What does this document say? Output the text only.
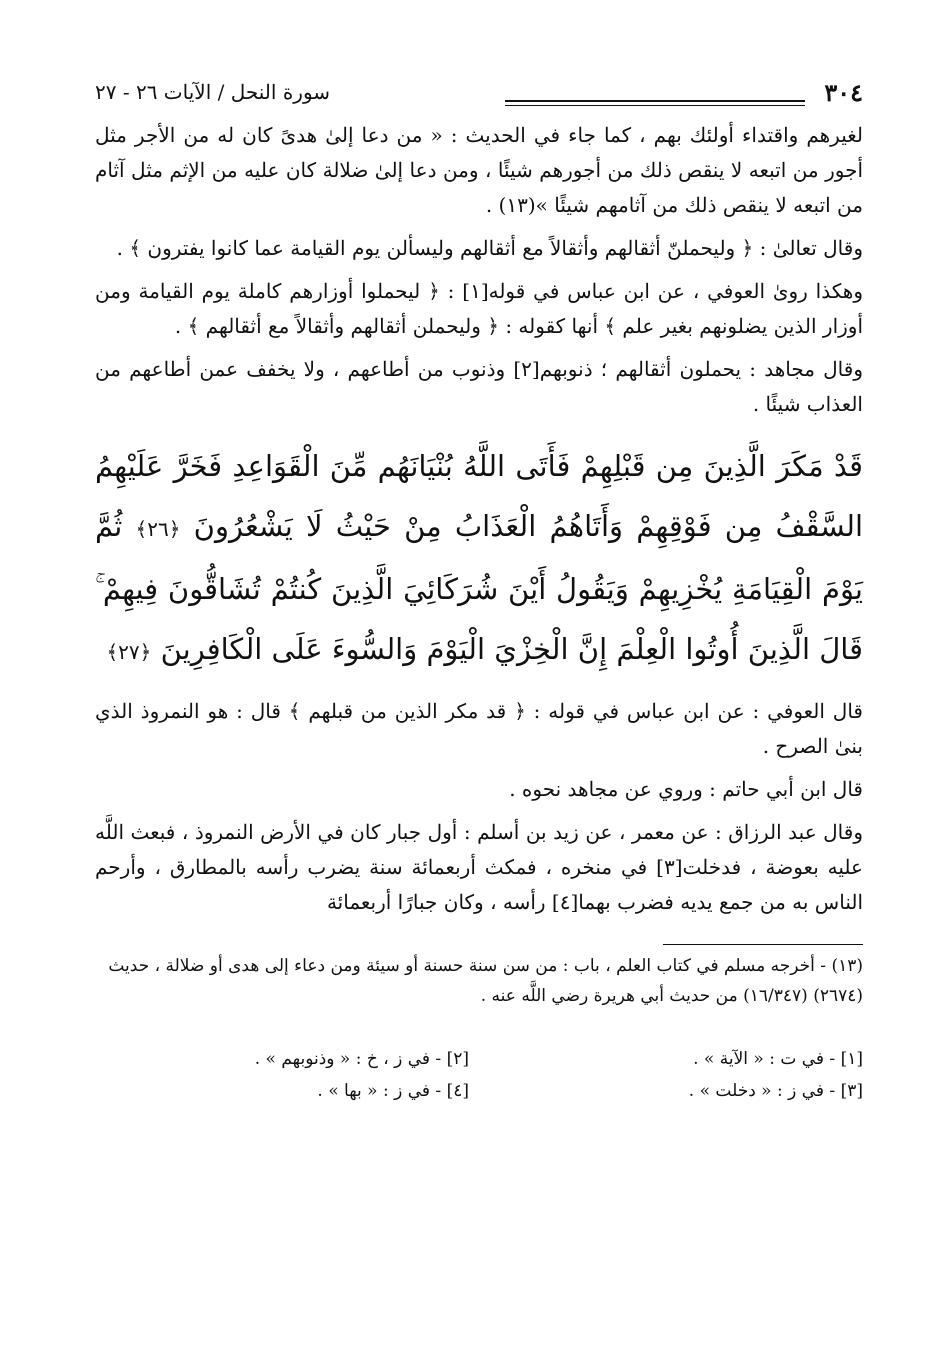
٣٠٤
سورة النحل / الآيات ٢٦ - ٢٧

لغيرهم واقتداء أولئك بهم ، كما جاء في الحديث : « من دعا إلىٰ هدىً كان له من الأجر مثل أجور من اتبعه لا ينقص ذلك من أجورهم شيئًا ، ومن دعا إلىٰ ضلالة كان عليه من الإثم مثل آثام من اتبعه لا ينقص ذلك من آثامهم شيئًا »(١٣) .

وقال تعالىٰ : ﴿ وليحملنّ أثقالهم وأثقالاً مع أثقالهم وليسألن يوم القيامة عما كانوا يفترون ﴾ .

وهكذا روىٰ العوفي ، عن ابن عباس في قوله[١] : ﴿ ليحملوا أوزارهم كاملة يوم القيامة ومن أوزار الذين يضلونهم بغير علم ﴾ أنها كقوله : ﴿ وليحملن أثقالهم وأثقالاً مع أثقالهم ﴾ .

وقال مجاهد : يحملون أثقالهم ؛ ذنوبهم[٢] وذنوب من أطاعهم ، ولا يخفف عمن أطاعهم من العذاب شيئًا .

قَدْ مَكَرَ الَّذِينَ مِن قَبْلِهِمْ فَأَتَى اللَّهُ بُنْيَانَهُم مِّنَ الْقَوَاعِدِ فَخَرَّ عَلَيْهِمُ السَّقْفُ مِن فَوْقِهِمْ وَأَتَاهُمُ الْعَذَابُ مِنْ حَيْثُ لَا يَشْعُرُونَ ﴿٢٦﴾ ثُمَّ يَوْمَ الْقِيَامَةِ يُخْزِيهِمْ وَيَقُولُ أَيْنَ شُرَكَائِيَ الَّذِينَ كُنتُمْ تُشَاقُّونَ فِيهِمْ ۚ قَالَ الَّذِينَ أُوتُوا الْعِلْمَ إِنَّ الْخِزْيَ الْيَوْمَ وَالسُّوءَ عَلَى الْكَافِرِينَ ﴿٢٧﴾

قال العوفي : عن ابن عباس في قوله : ﴿ قد مكر الذين من قبلهم ﴾ قال : هو النمروذ الذي بنىٰ الصرح .

قال ابن أبي حاتم : وروي عن مجاهد نحوه .

وقال عبد الرزاق : عن معمر ، عن زيد بن أسلم : أول جبار كان في الأرض النمروذ ، فبعث اللَّه عليه بعوضة ، فدخلت[٣] في منخره ، فمكث أربعمائة سنة يضرب رأسه بالمطارق ، وأرحم الناس به من جمع يديه فضرب بهما[٤] رأسه ، وكان جبارًا أربعمائة

(١٣) - أخرجه مسلم في كتاب العلم ، باب : من سن سنة حسنة أو سيئة ومن دعاء إلى هدى أو ضلالة ، حديث (٢٦٧٤) (١٦/٣٤٧) من حديث أبي هريرة رضي اللَّه عنه .

[١] - في ت : « الآية » .
[٢] - في ز ، خ : « وذنوبهم » .
[٣] - في ز : « دخلت » .
[٤] - في ز : « بها » .
